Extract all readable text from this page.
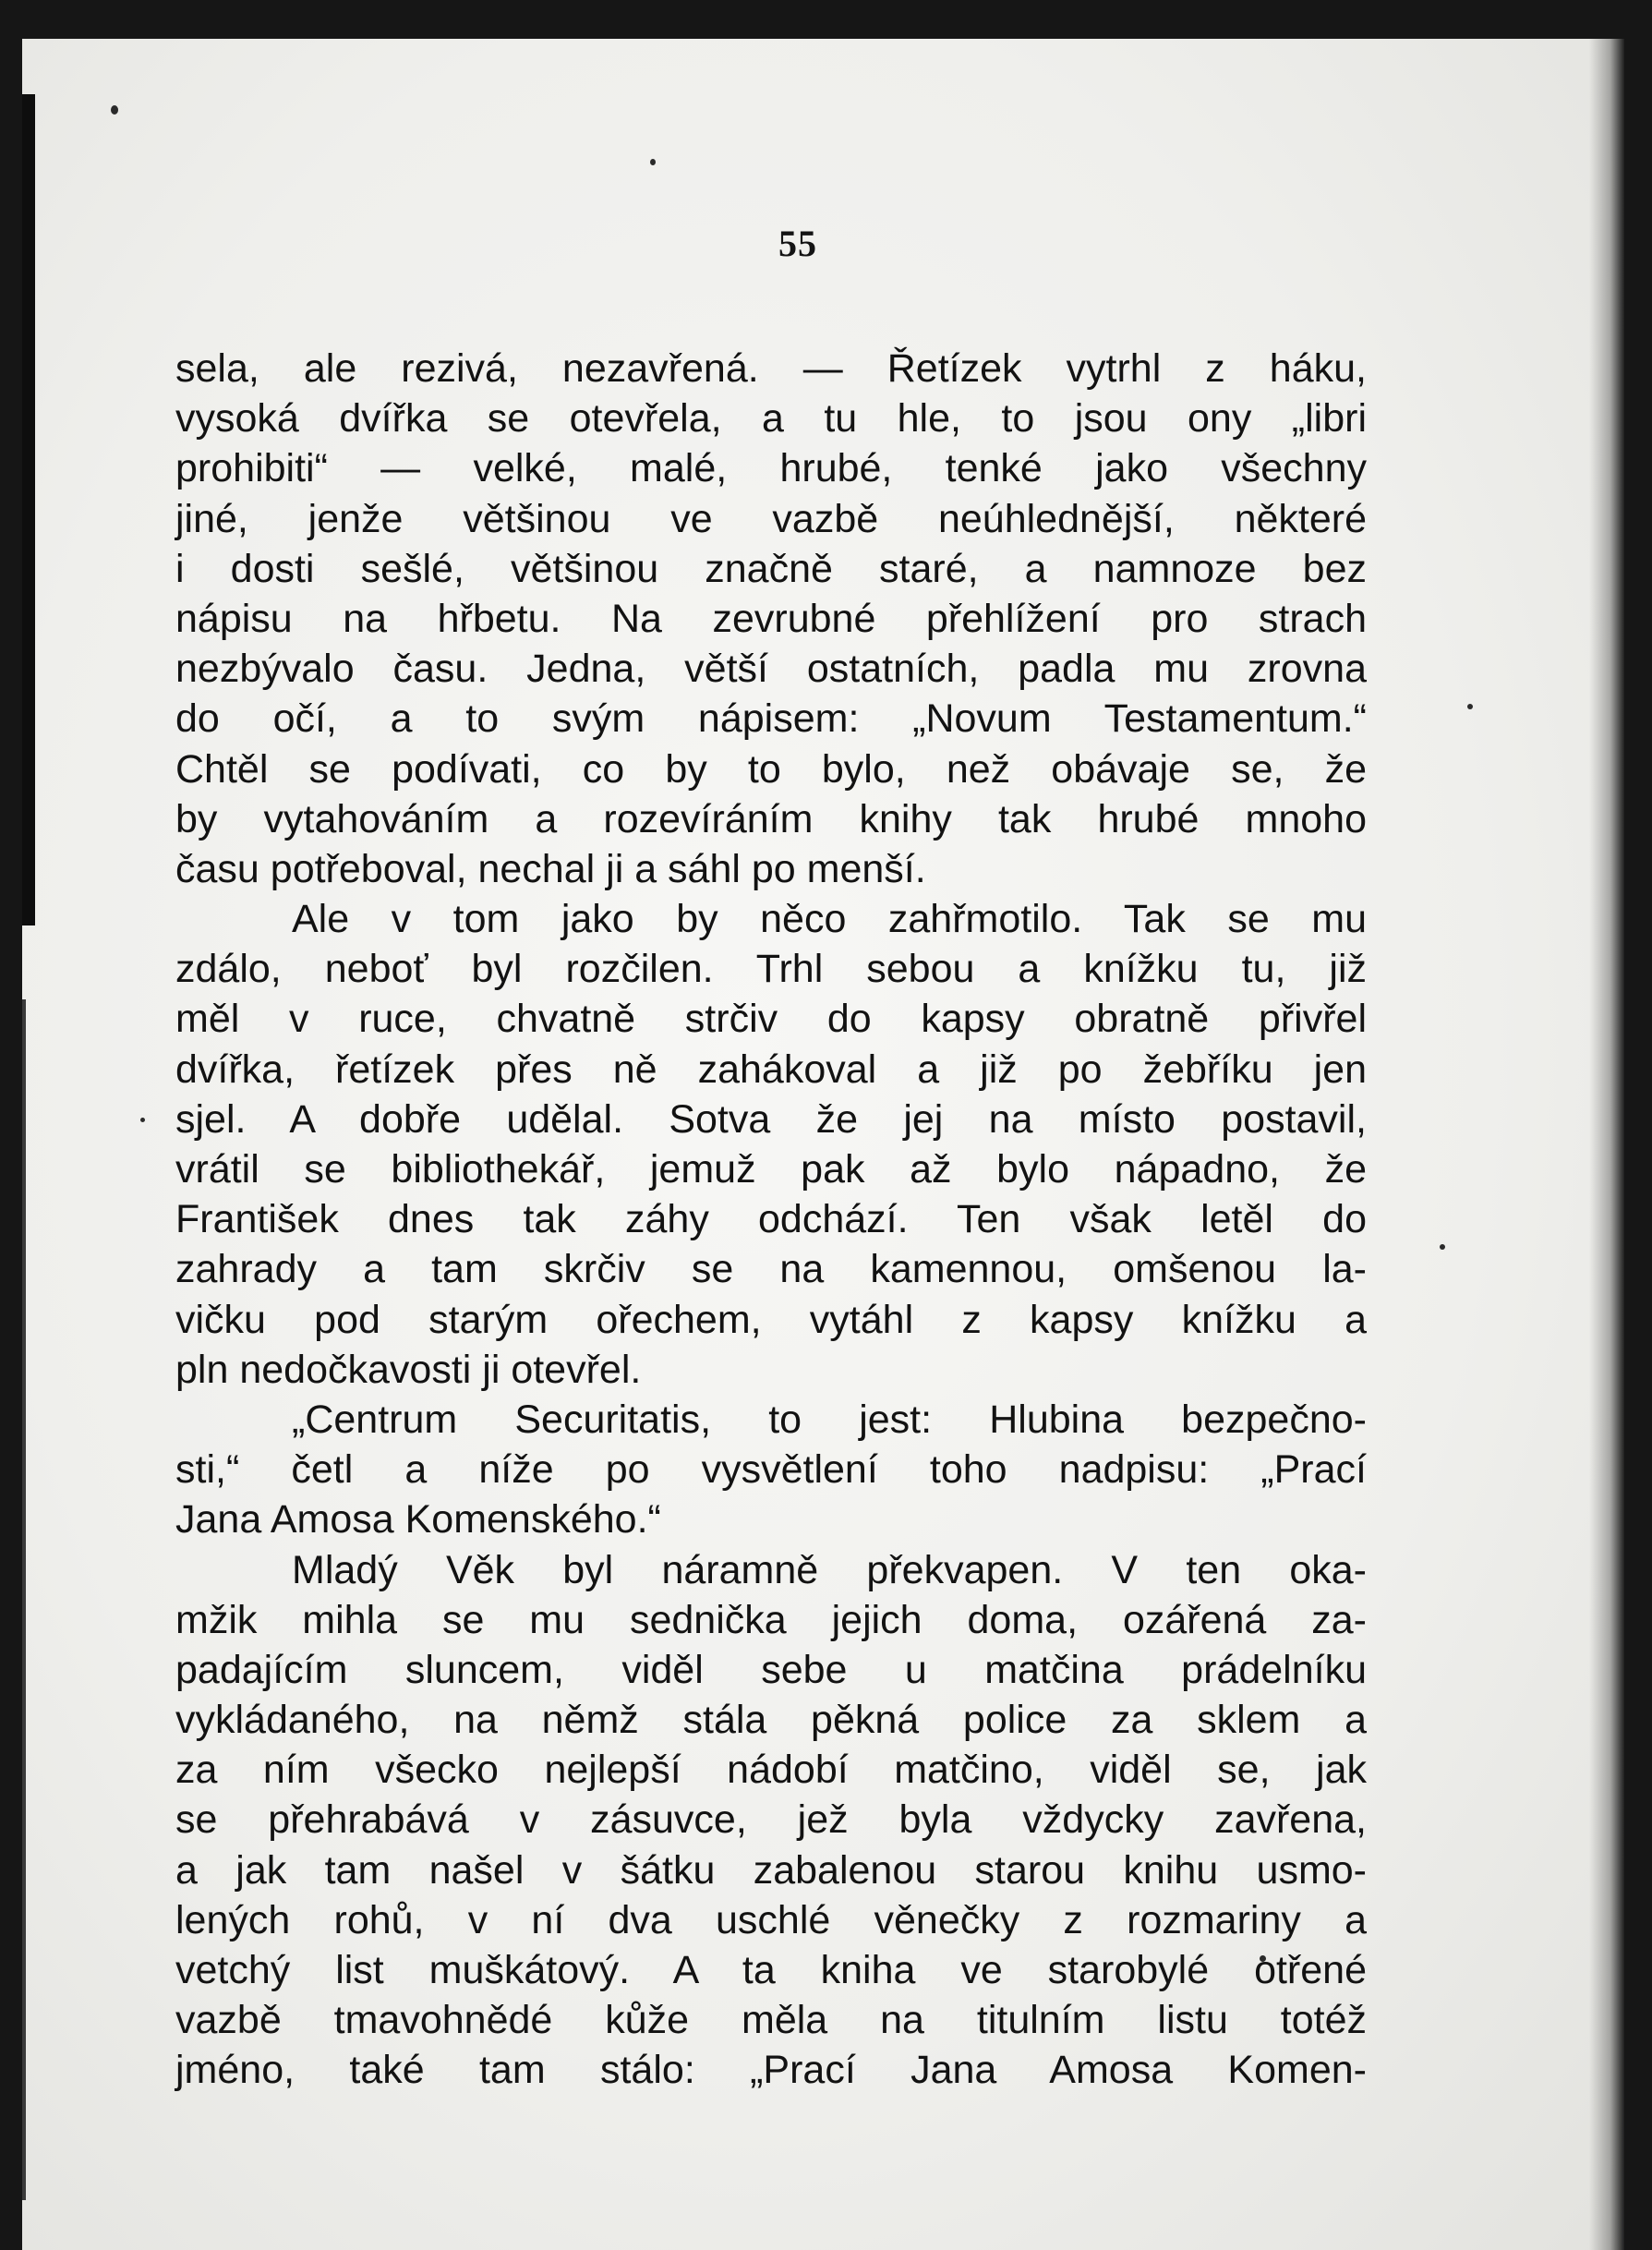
55
sela, ale rezivá, nezavřená. — Řetízek vytrhl z háku,
vysoká dvířka se otevřela, a tu hle, to jsou ony „libri
prohibiti“ — velké, malé, hrubé, tenké jako všechny
jiné, jenže většinou ve vazbě neúhlednější, některé
i dosti sešlé, většinou značně staré, a namnoze bez
nápisu na hřbetu. Na zevrubné přehlížení pro strach
nezbývalo času. Jedna, větší ostatních, padla mu zrovna
do očí, a to svým nápisem: „Novum Testamentum.“
Chtěl se podívati, co by to bylo, než obávaje se, že
by vytahováním a rozevíráním knihy tak hrubé mnoho
času potřeboval, nechal ji a sáhl po menší.
Ale v tom jako by něco zahřmotilo. Tak se mu
zdálo, neboť byl rozčilen. Trhl sebou a knížku tu, již
měl v ruce, chvatně strčiv do kapsy obratně přivřel
dvířka, řetízek přes ně zahákoval a již po žebříku jen
sjel. A dobře udělal. Sotva že jej na místo postavil,
vrátil se bibliothekář, jemuž pak až bylo nápadno, že
František dnes tak záhy odchází. Ten však letěl do
zahrady a tam skrčiv se na kamennou, omšenou la-
vičku pod starým ořechem, vytáhl z kapsy knížku a
pln nedočkavosti ji otevřel.
„Centrum Securitatis, to jest: Hlubina bezpečno-
sti,“ četl a níže po vysvětlení toho nadpisu: „Prací
Jana Amosa Komenského.“
Mladý Věk byl náramně překvapen. V ten oka-
mžik mihla se mu sednička jejich doma, ozářená za-
padajícím sluncem, viděl sebe u matčina prádelníku
vykládaného, na němž stála pěkná police za sklem a
za ním všecko nejlepší nádobí matčino, viděl se, jak
se přehrabává v zásuvce, jež byla vždycky zavřena,
a jak tam našel v šátku zabalenou starou knihu usmo-
lených rohů, v ní dva uschlé věnečky z rozmariny a
vetchý list muškátový. A ta kniha ve starobylé otřené
vazbě tmavohnědé kůže měla na titulním listu totéž
jméno, také tam stálo: „Prací Jana Amosa Komen-
